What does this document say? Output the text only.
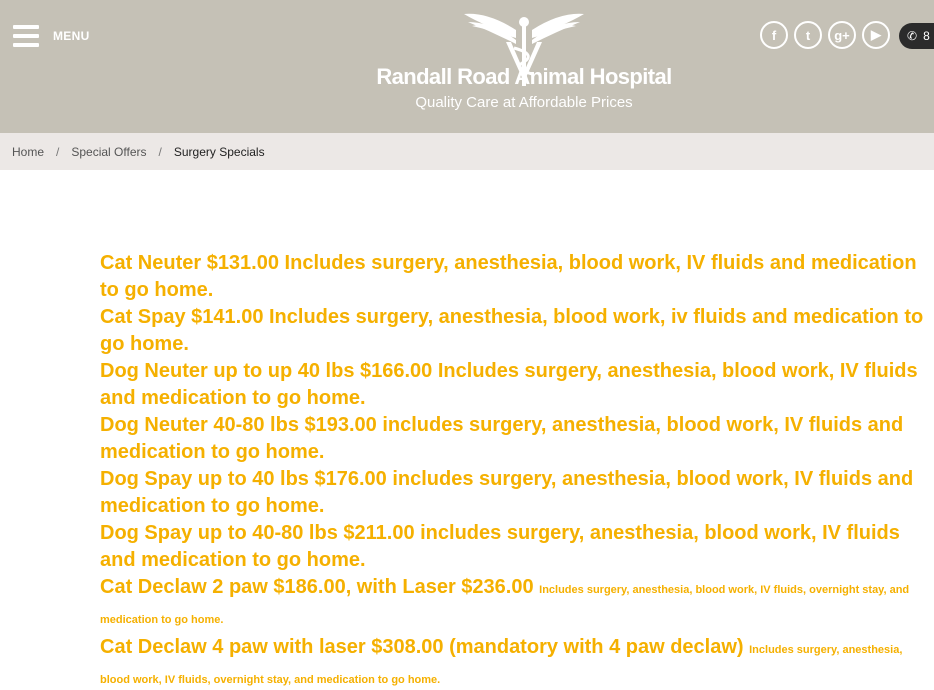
MENU
Randall Road Animal Hospital
Quality Care at Affordable Prices
f	t	g+	▶	✆ 8
Home / Special Offers / Surgery Specials

Cat Neuter $131.00 Includes surgery, anesthesia, blood work, IV fluids and medication to go home.

Cat Spay $141.00 Includes surgery, anesthesia, blood work, iv fluids and medication to go home.

Dog Neuter up to up 40 lbs $166.00 Includes surgery, anesthesia, blood work, IV fluids and medication to go home.

Dog Neuter 40-80 lbs $193.00 includes surgery, anesthesia, blood work, IV fluids and medication to go home.

Dog Spay up to 40 lbs $176.00 includes surgery, anesthesia, blood work, IV fluids and medication to go home.

Dog Spay up to 40-80 lbs $211.00 includes surgery, anesthesia, blood work, IV fluids and medication to go home.

Cat Declaw 2 paw $186.00, with Laser $236.00 Includes surgery, anesthesia, blood work, IV fluids, overnight stay, and medication to go home.

Cat Declaw 4 paw with laser $308.00 (mandatory with 4 paw declaw) Includes surgery, anesthesia, blood work, IV fluids, overnight stay, and medication to go home.
